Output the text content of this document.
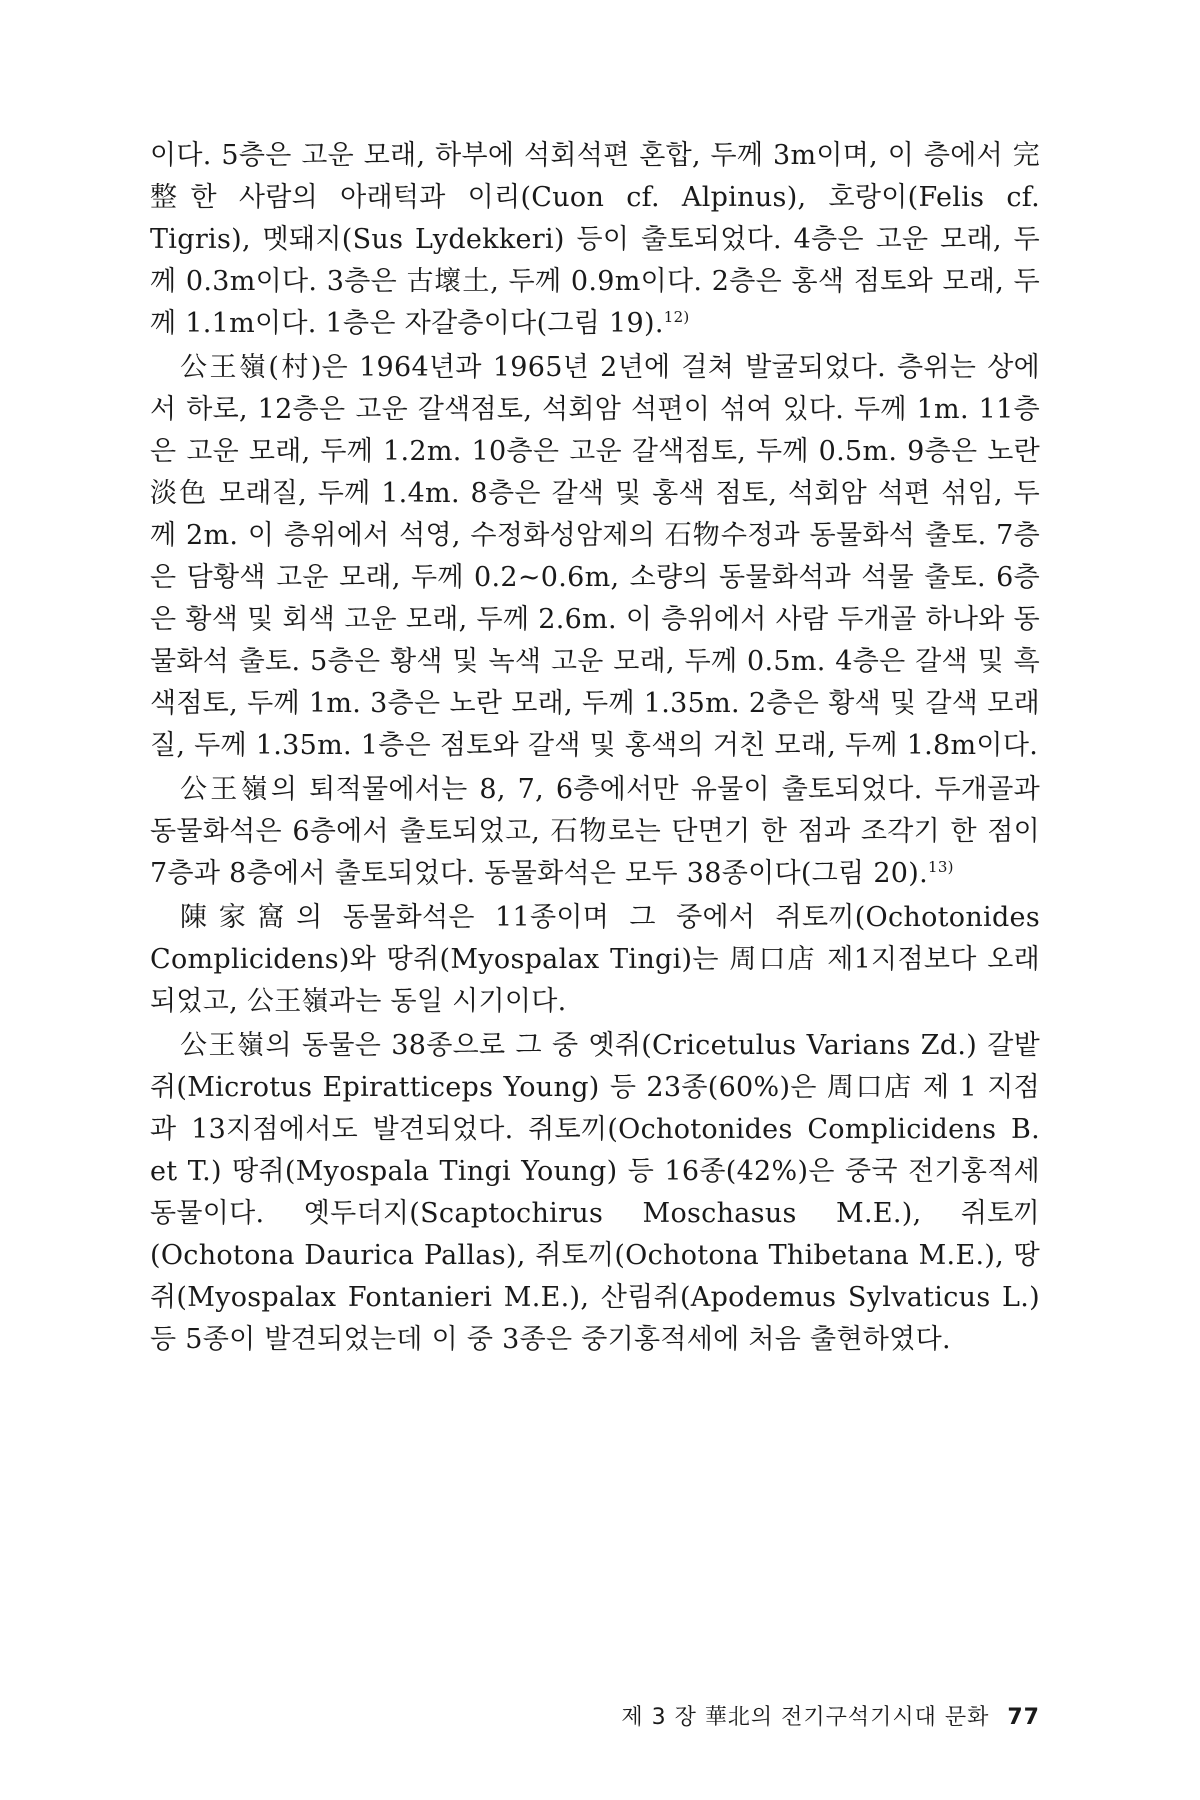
이다. 5층은 고운 모래, 하부에 석회석편 혼합, 두께 3m이며, 이 층에서 完整한 사람의 아래턱과 이리(Cuon cf. Alpinus), 호랑이(Felis cf. Tigris), 멧돼지(Sus Lydekkeri) 등이 출토되었다. 4층은 고운 모래, 두께 0.3m이다. 3층은 古壞土, 두께 0.9m이다. 2층은 홍색 점토와 모래, 두께 1.1m이다. 1층은 자갈층이다(그림 19).$^{12)}$

公王嶺(村)은 1964년과 1965년 2년에 걸쳐 발굴되었다. 층위는 상에서 하로, 12층은 고운 갈색점토, 석회암 석편이 섞여 있다. 두께 1m. 11층은 고운 모래, 두께 1.2m. 10층은 고운 갈색점토, 두께 0.5m. 9층은 노란 淡色 모래질, 두께 1.4m. 8층은 갈색 및 홍색 점토, 석회암 석편 섞임, 두께 2m. 이 층위에서 석영, 수정화성암제의 石物수정과 동물화석 출토. 7층은 담황색 고운 모래, 두께 0.2~0.6m, 소량의 동물화석과 석물 출토. 6층은 황색 및 회색 고운 모래, 두께 2.6m. 이 층위에서 사람 두개골 하나와 동물화석 출토. 5층은 황색 및 녹색 고운 모래, 두께 0.5m. 4층은 갈색 및 흑색점토, 두께 1m. 3층은 노란 모래, 두께 1.35m. 2층은 황색 및 갈색 모래질, 두께 1.35m. 1층은 점토와 갈색 및 홍색의 거친 모래, 두께 1.8m이다.

公王嶺의 퇴적물에서는 8, 7, 6층에서만 유물이 출토되었다. 두개골과 동물화석은 6층에서 출토되었고, 石物로는 단면기 한 점과 조각기 한 점이 7층과 8층에서 출토되었다. 동물화석은 모두 38종이다(그림 20).$^{13)}$

陳家窩의 동물화석은 11종이며 그 중에서 쥐토끼(Ochotonides Complicidens)와 땅쥐(Myospalax Tingi)는 周口店 제1지점보다 오래되었고, 公王嶺과는 동일 시기이다.

公王嶺의 동물은 38종으로 그 중 옛쥐(Cricetulus Varians Zd.) 갈밭쥐(Microtus Epiratticeps Young) 등 23종(60%)은 周口店 제 1 지점과 13지점에서도 발견되었다. 쥐토끼(Ochotonides Complicidens B. et T.) 땅쥐(Myospala Tingi Young) 등 16종(42%)은 중국 전기홍적세 동물이다. 옛두더지(Scaptochirus Moschasus M.E.), 쥐토끼(Ochotona Daurica Pallas), 쥐토끼(Ochotona Thibetana M.E.), 땅쥐(Myospalax Fontanieri M.E.), 산림쥐(Apodemus Sylvaticus L.) 등 5종이 발견되었는데 이 중 3종은 중기홍적세에 처음 출현하였다.

제 3 장 華北의 전기구석기시대 문화 77
